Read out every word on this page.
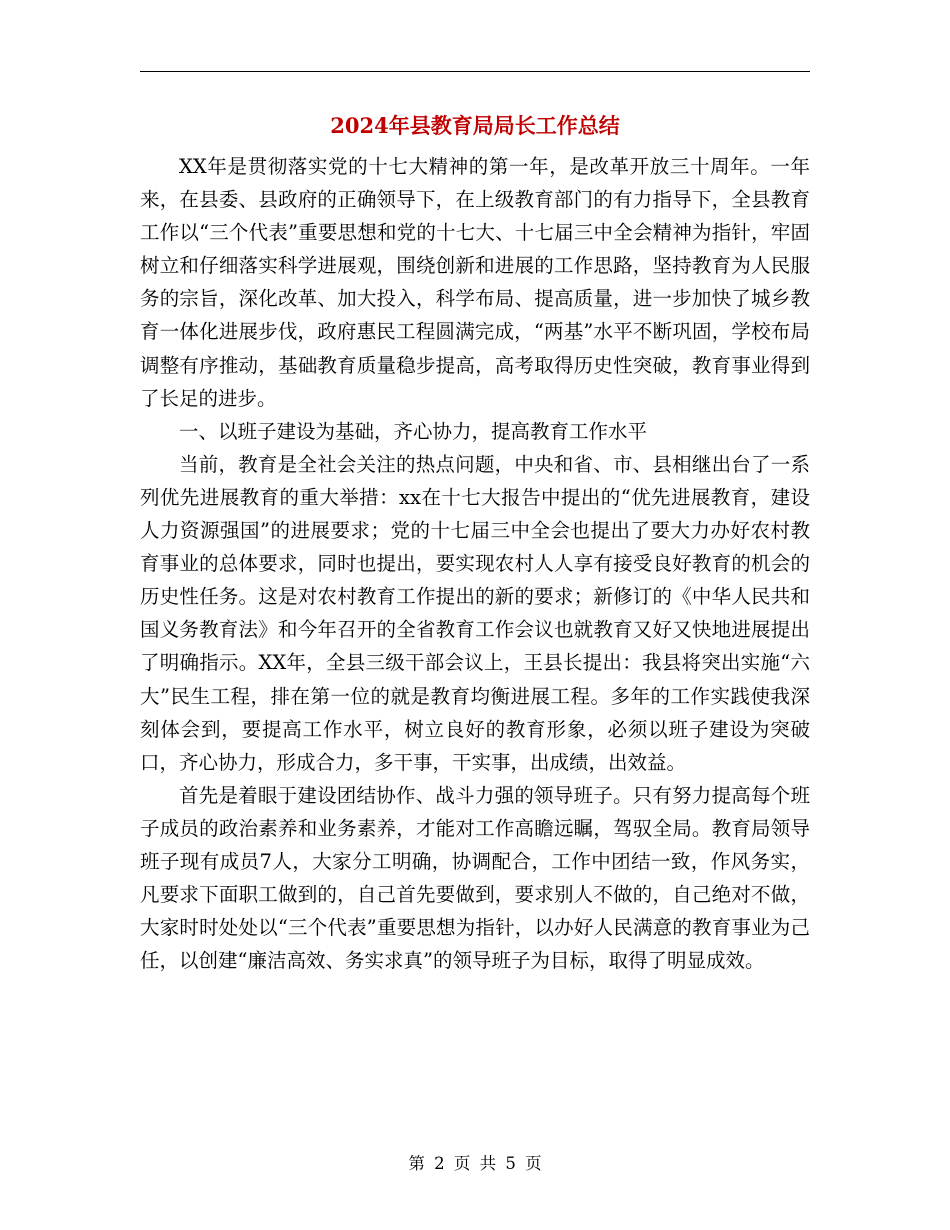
2024年县教育局局长工作总结

XX年是贯彻落实党的十七大精神的第一年，是改革开放三十周年。一年来，在县委、县政府的正确领导下，在上级教育部门的有力指导下，全县教育工作以“三个代表”重要思想和党的十七大、十七届三中全会精神为指针，牢固树立和仔细落实科学进展观，围绕创新和进展的工作思路，坚持教育为人民服务的宗旨，深化改革、加大投入，科学布局、提高质量，进一步加快了城乡教育一体化进展步伐，政府惠民工程圆满完成，“两基”水平不断巩固，学校布局调整有序推动，基础教育质量稳步提高，高考取得历史性突破，教育事业得到了长足的进步。

一、以班子建设为基础，齐心协力，提高教育工作水平

当前，教育是全社会关注的热点问题，中央和省、市、县相继出台了一系列优先进展教育的重大举措：xx在十七大报告中提出的“优先进展教育，建设人力资源强国”的进展要求；党的十七届三中全会也提出了要大力办好农村教育事业的总体要求，同时也提出，要实现农村人人享有接受良好教育的机会的历史性任务。这是对农村教育工作提出的新的要求；新修订的《中华人民共和国义务教育法》和今年召开的全省教育工作会议也就教育又好又快地进展提出了明确指示。XX年，全县三级干部会议上，王县长提出：我县将突出实施“六大”民生工程，排在第一位的就是教育均衡进展工程。多年的工作实践使我深刻体会到，要提高工作水平，树立良好的教育形象，必须以班子建设为突破口，齐心协力，形成合力，多干事，干实事，出成绩，出效益。

首先是着眼于建设团结协作、战斗力强的领导班子。只有努力提高每个班子成员的政治素养和业务素养，才能对工作高瞻远瞩，驾驭全局。教育局领导班子现有成员7人，大家分工明确，协调配合，工作中团结一致，作风务实，凡要求下面职工做到的，自己首先要做到，要求别人不做的，自己绝对不做，大家时时处处以“三个代表”重要思想为指针，以办好人民满意的教育事业为己任，以创建“廉洁高效、务实求真”的领导班子为目标，取得了明显成效。

第 2 页 共 5 页
